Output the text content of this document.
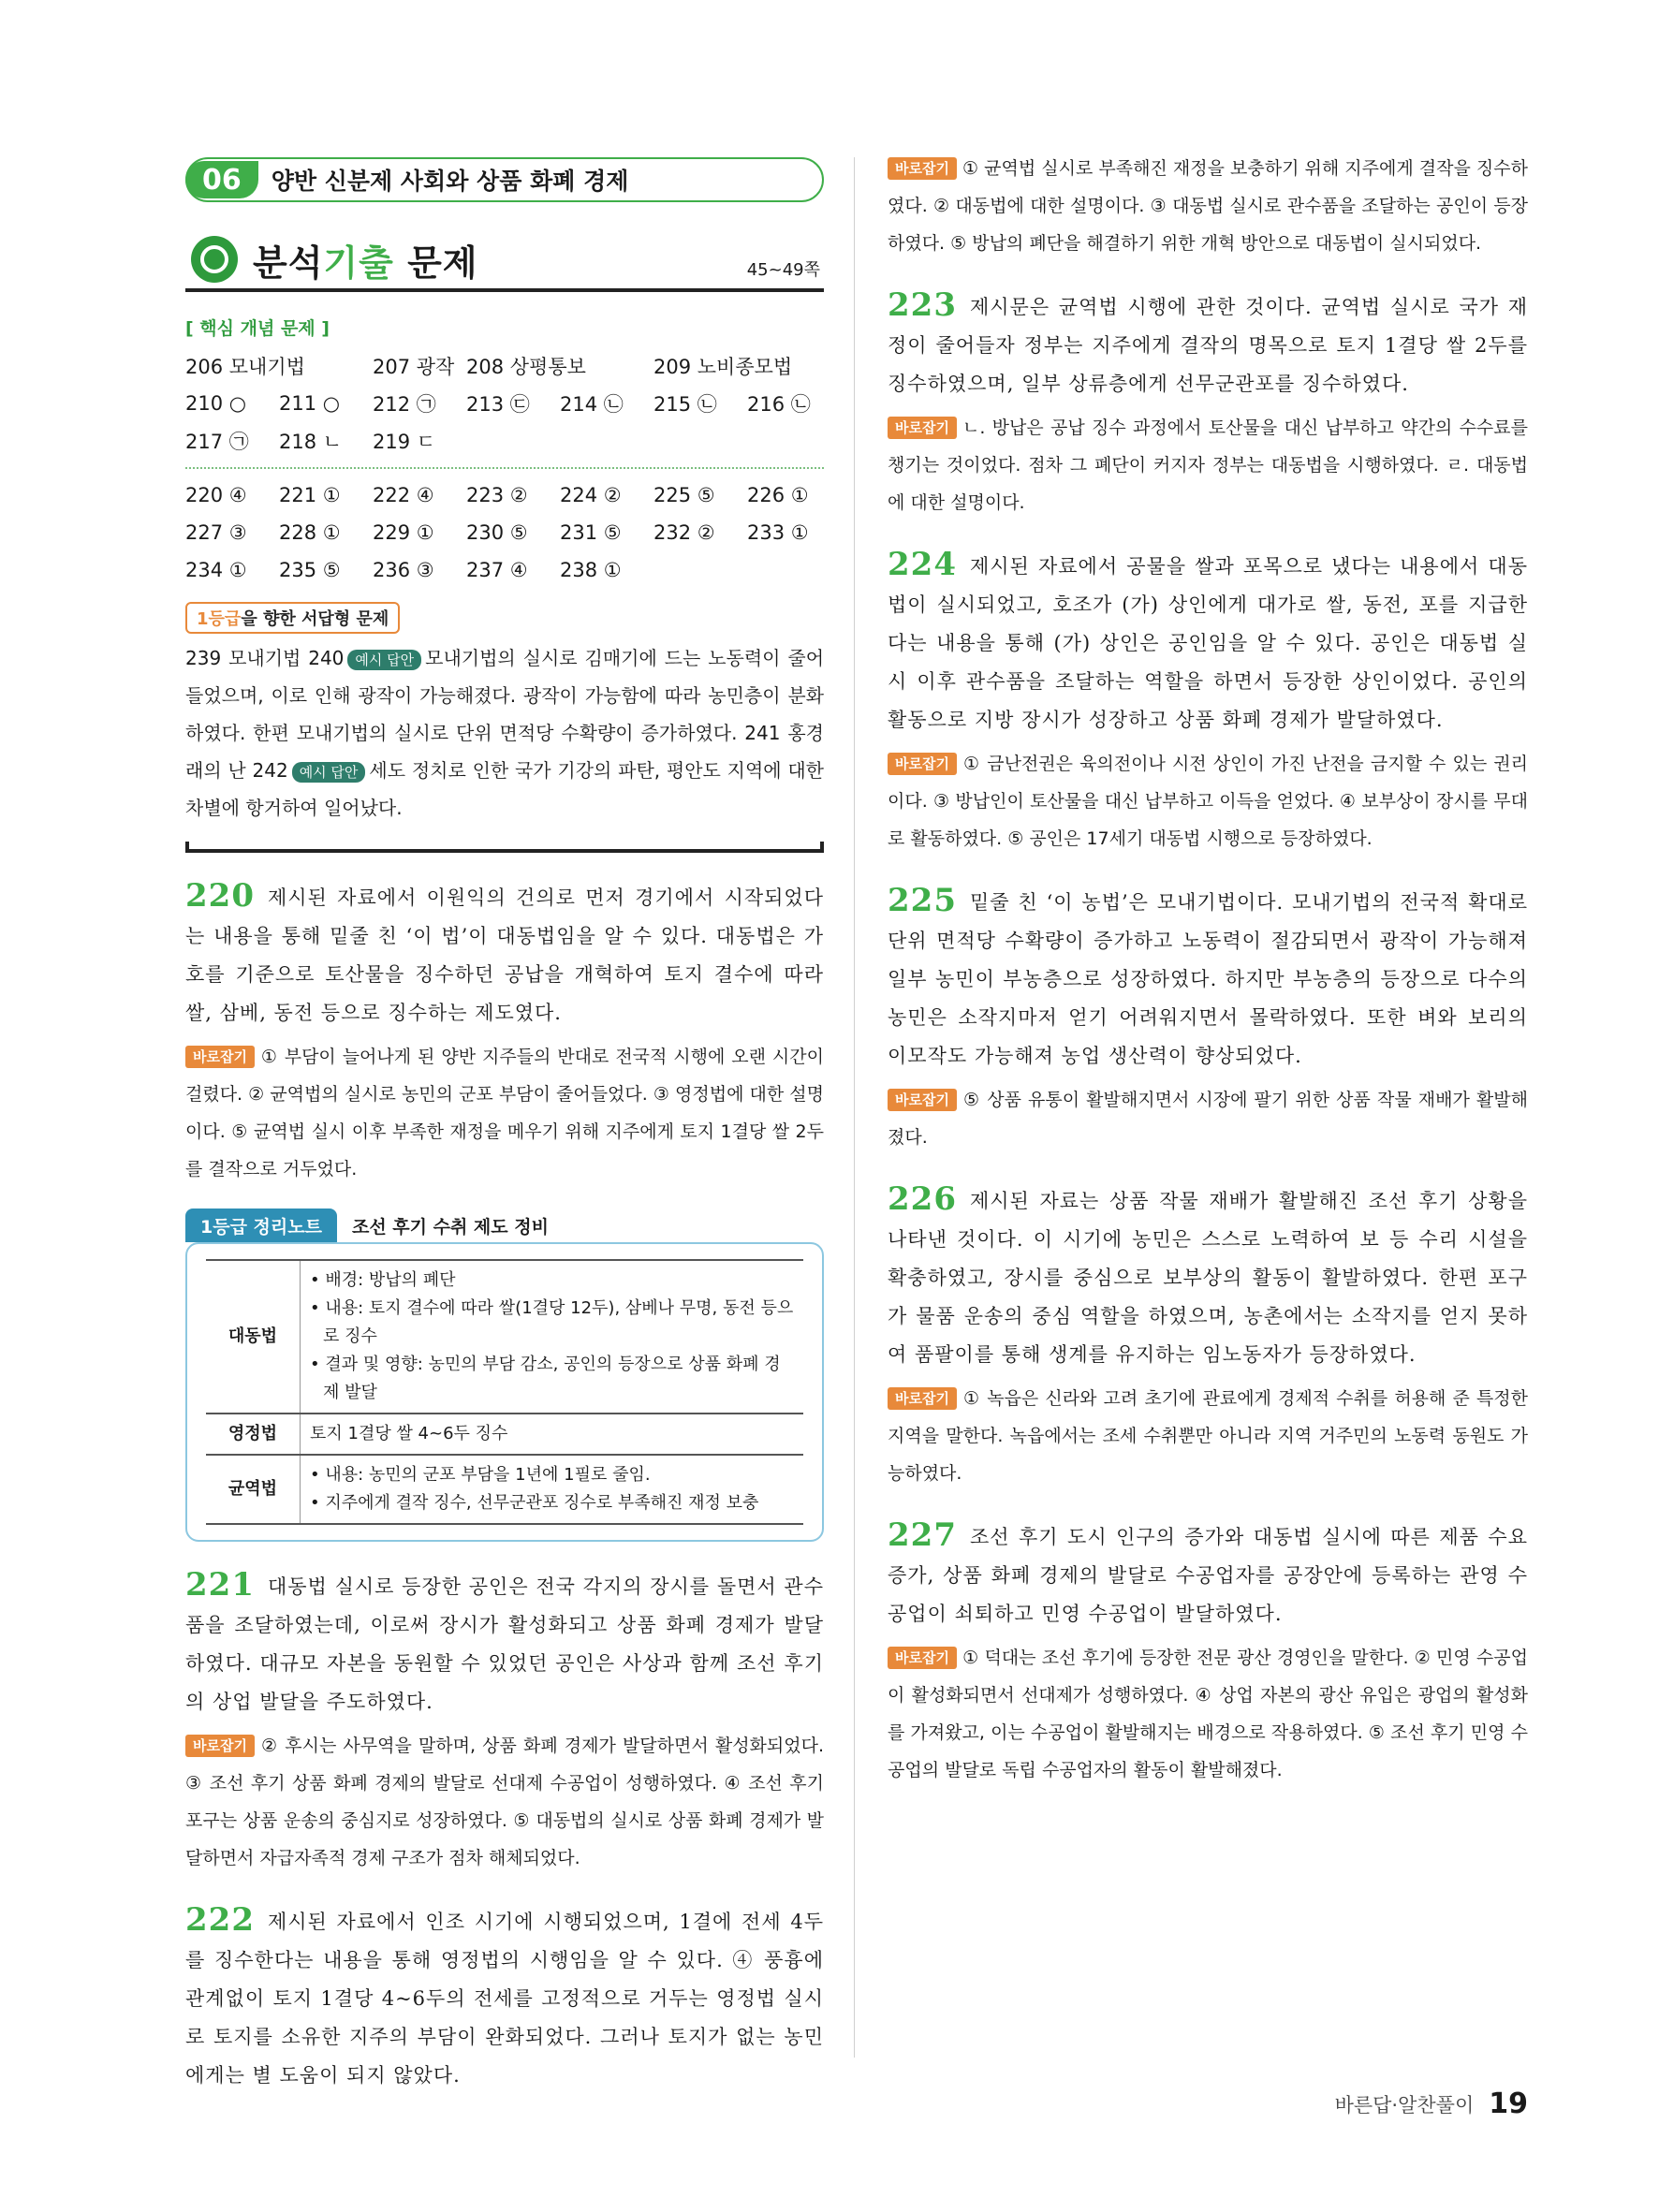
06	양반 신분제 사회와 상품 화폐 경제
분석기출 문제	45~49쪽
[ 핵심 개념 문제 ]
206 모내기법	207 광작 208 상평통보	209 노비종모법
210 ○	211 ○	212 ㉠	213 ㉢	214 ㉡	215 ㉡	216 ㉡
217 ㉠	218 ㄴ	219 ㄷ
220 ④	221 ①	222 ④	223 ②	224 ②	225 ⑤	226 ①
227 ③	228 ①	229 ①	230 ⑤	231 ⑤	232 ②	233 ①
234 ①	235 ⑤	236 ③	237 ④	238 ①
1등급을 향한 서답형 문제
239 모내기법 240 예시 답안 모내기법의 실시로 김매기에 드는 노동력이 줄어들었으며, 이로 인해 광작이 가능해졌다. 광작이 가능함에 따라 농민층이 분화하였다. 한편 모내기법의 실시로 단위 면적당 수확량이 증가하였다. 241 홍경래의 난 242 예시 답안 세도 정치로 인한 국가 기강의 파탄, 평안도 지역에 대한 차별에 항거하여 일어났다.
220 제시된 자료에서 이원익의 건의로 먼저 경기에서 시작되었다는 내용을 통해 밑줄 친 ‘이 법’이 대동법임을 알 수 있다. 대동법은 가호를 기준으로 토산물을 징수하던 공납을 개혁하여 토지 결수에 따라 쌀, 삼베, 동전 등으로 징수하는 제도였다.
바로잡기 ① 부담이 늘어나게 된 양반 지주들의 반대로 전국적 시행에 오랜 시간이 걸렸다. ② 균역법의 실시로 농민의 군포 부담이 줄어들었다. ③ 영정법에 대한 설명이다. ⑤ 균역법 실시 이후 부족한 재정을 메우기 위해 지주에게 토지 1결당 쌀 2두를 결작으로 거두었다.
1등급 정리노트	조선 후기 수취 제도 정비
대동법	• 배경: 방납의 폐단
• 내용: 토지 결수에 따라 쌀(1결당 12두), 삼베나 무명, 동전 등으로 징수
• 결과 및 영향: 농민의 부담 감소, 공인의 등장으로 상품 화폐 경제 발달

영정법	토지 1결당 쌀 4~6두 징수

균역법	• 내용: 농민의 군포 부담을 1년에 1필로 줄임.
• 지주에게 결작 징수, 선무군관포 징수로 부족해진 재정 보충
221 대동법 실시로 등장한 공인은 전국 각지의 장시를 돌면서 관수품을 조달하였는데, 이로써 장시가 활성화되고 상품 화폐 경제가 발달하였다. 대규모 자본을 동원할 수 있었던 공인은 사상과 함께 조선 후기의 상업 발달을 주도하였다.
바로잡기 ② 후시는 사무역을 말하며, 상품 화폐 경제가 발달하면서 활성화되었다. ③ 조선 후기 상품 화폐 경제의 발달로 선대제 수공업이 성행하였다. ④ 조선 후기 포구는 상품 운송의 중심지로 성장하였다. ⑤ 대동법의 실시로 상품 화폐 경제가 발달하면서 자급자족적 경제 구조가 점차 해체되었다.
222 제시된 자료에서 인조 시기에 시행되었으며, 1결에 전세 4두를 징수한다는 내용을 통해 영정법의 시행임을 알 수 있다. ④ 풍흉에 관계없이 토지 1결당 4~6두의 전세를 고정적으로 거두는 영정법 실시로 토지를 소유한 지주의 부담이 완화되었다. 그러나 토지가 없는 농민에게는 별 도움이 되지 않았다.
바로잡기 ① 균역법 실시로 부족해진 재정을 보충하기 위해 지주에게 결작을 징수하였다. ② 대동법에 대한 설명이다. ③ 대동법 실시로 관수품을 조달하는 공인이 등장하였다. ⑤ 방납의 폐단을 해결하기 위한 개혁 방안으로 대동법이 실시되었다.
223 제시문은 균역법 시행에 관한 것이다. 균역법 실시로 국가 재정이 줄어들자 정부는 지주에게 결작의 명목으로 토지 1결당 쌀 2두를 징수하였으며, 일부 상류층에게 선무군관포를 징수하였다.
바로잡기 ㄴ. 방납은 공납 징수 과정에서 토산물을 대신 납부하고 약간의 수수료를 챙기는 것이었다. 점차 그 폐단이 커지자 정부는 대동법을 시행하였다. ㄹ. 대동법에 대한 설명이다.
224 제시된 자료에서 공물을 쌀과 포목으로 냈다는 내용에서 대동법이 실시되었고, 호조가 (가) 상인에게 대가로 쌀, 동전, 포를 지급한다는 내용을 통해 (가) 상인은 공인임을 알 수 있다. 공인은 대동법 실시 이후 관수품을 조달하는 역할을 하면서 등장한 상인이었다. 공인의 활동으로 지방 장시가 성장하고 상품 화폐 경제가 발달하였다.
바로잡기 ① 금난전권은 육의전이나 시전 상인이 가진 난전을 금지할 수 있는 권리이다. ③ 방납인이 토산물을 대신 납부하고 이득을 얻었다. ④ 보부상이 장시를 무대로 활동하였다. ⑤ 공인은 17세기 대동법 시행으로 등장하였다.
225 밑줄 친 ‘이 농법’은 모내기법이다. 모내기법의 전국적 확대로 단위 면적당 수확량이 증가하고 노동력이 절감되면서 광작이 가능해져 일부 농민이 부농층으로 성장하였다. 하지만 부농층의 등장으로 다수의 농민은 소작지마저 얻기 어려워지면서 몰락하였다. 또한 벼와 보리의 이모작도 가능해져 농업 생산력이 향상되었다.
바로잡기 ⑤ 상품 유통이 활발해지면서 시장에 팔기 위한 상품 작물 재배가 활발해졌다.
226 제시된 자료는 상품 작물 재배가 활발해진 조선 후기 상황을 나타낸 것이다. 이 시기에 농민은 스스로 노력하여 보 등 수리 시설을 확충하였고, 장시를 중심으로 보부상의 활동이 활발하였다. 한편 포구가 물품 운송의 중심 역할을 하였으며, 농촌에서는 소작지를 얻지 못하여 품팔이를 통해 생계를 유지하는 임노동자가 등장하였다.
바로잡기 ① 녹읍은 신라와 고려 초기에 관료에게 경제적 수취를 허용해 준 특정한 지역을 말한다. 녹읍에서는 조세 수취뿐만 아니라 지역 거주민의 노동력 동원도 가능하였다.
227 조선 후기 도시 인구의 증가와 대동법 실시에 따른 제품 수요 증가, 상품 화폐 경제의 발달로 수공업자를 공장안에 등록하는 관영 수공업이 쇠퇴하고 민영 수공업이 발달하였다.
바로잡기 ① 덕대는 조선 후기에 등장한 전문 광산 경영인을 말한다. ② 민영 수공업이 활성화되면서 선대제가 성행하였다. ④ 상업 자본의 광산 유입은 광업의 활성화를 가져왔고, 이는 수공업이 활발해지는 배경으로 작용하였다. ⑤ 조선 후기 민영 수공업의 발달로 독립 수공업자의 활동이 활발해졌다.
바른답·알찬풀이 19
